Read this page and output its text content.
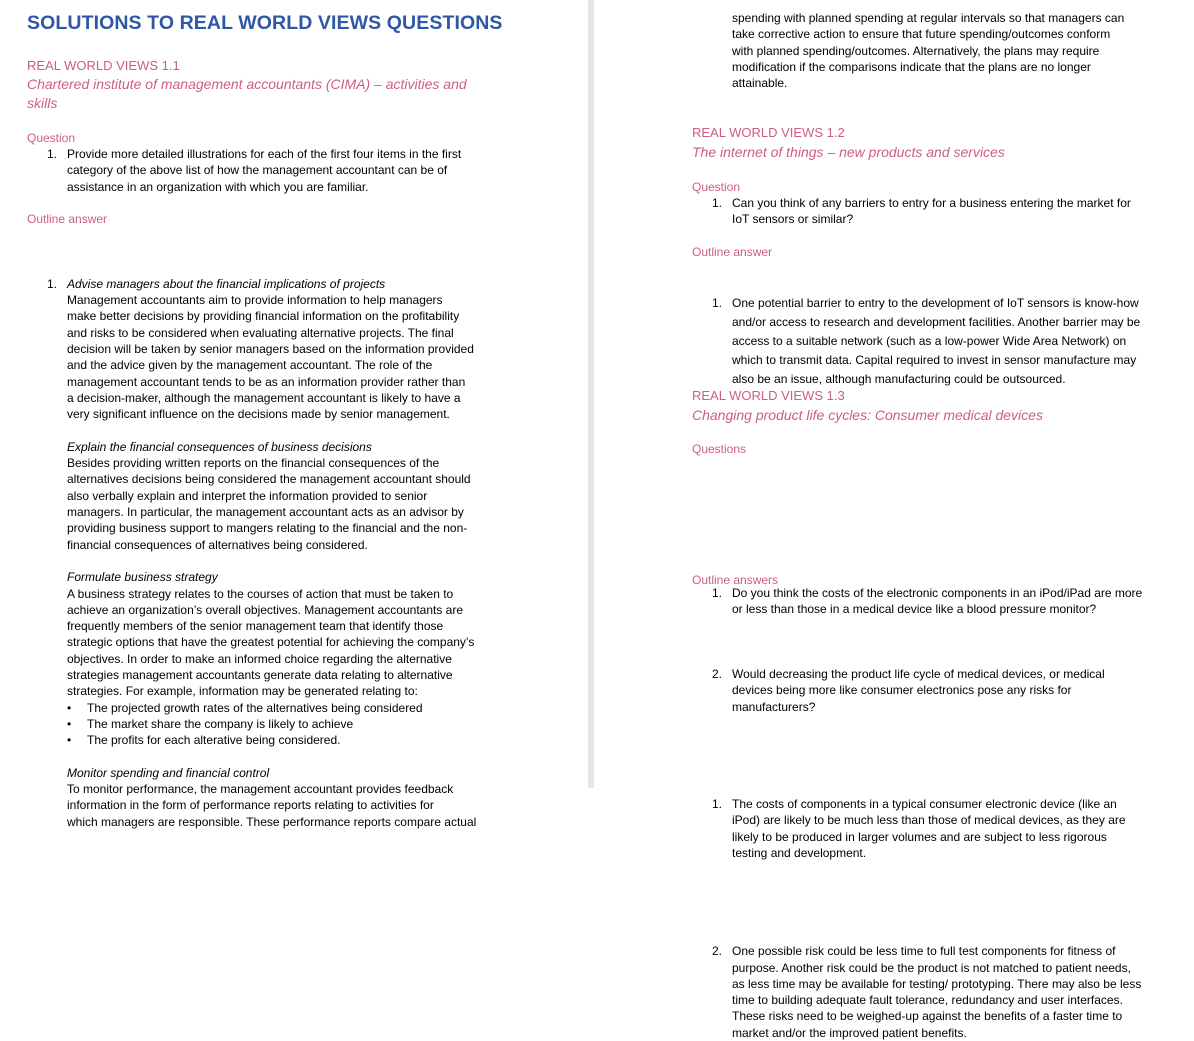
SOLUTIONS TO REAL WORLD VIEWS QUESTIONS
REAL WORLD VIEWS 1.1
Chartered institute of management accountants (CIMA) – activities and
skills
Question
1. Provide more detailed illustrations for each of the first four items in the first
category of the above list of how the management accountant can be of
assistance in an organization with which you are familiar.
Outline answer
1. Advise managers about the financial implications of projects
Management accountants aim to provide information to help managers
make better decisions by providing financial information on the profitability
and risks to be considered when evaluating alternative projects. The final
decision will be taken by senior managers based on the information provided
and the advice given by the management accountant. The role of the
management accountant tends to be as an information provider rather than
a decision-maker, although the management accountant is likely to have a
very significant influence on the decisions made by senior management.
Explain the financial consequences of business decisions
Besides providing written reports on the financial consequences of the
alternatives decisions being considered the management accountant should
also verbally explain and interpret the information provided to senior
managers. In particular, the management accountant acts as an advisor by
providing business support to mangers relating to the financial and the non-
financial consequences of alternatives being considered.
Formulate business strategy
A business strategy relates to the courses of action that must be taken to
achieve an organization’s overall objectives. Management accountants are
frequently members of the senior management team that identify those
strategic options that have the greatest potential for achieving the company’s
objectives. In order to make an informed choice regarding the alternative
strategies management accountants generate data relating to alternative
strategies. For example, information may be generated relating to:
• The projected growth rates of the alternatives being considered
• The market share the company is likely to achieve
• The profits for each alterative being considered.
Monitor spending and financial control
To monitor performance, the management accountant provides feedback
information in the form of performance reports relating to activities for
which managers are responsible. These performance reports compare actual
spending with planned spending at regular intervals so that managers can
take corrective action to ensure that future spending/outcomes conform
with planned spending/outcomes. Alternatively, the plans may require
modification if the comparisons indicate that the plans are no longer
attainable.
REAL WORLD VIEWS 1.2
The internet of things – new products and services
Question
1. Can you think of any barriers to entry for a business entering the market for
IoT sensors or similar?
Outline answer
1. One potential barrier to entry to the development of IoT sensors is know-how
and/or access to research and development facilities. Another barrier may be
access to a suitable network (such as a low-power Wide Area Network) on
which to transmit data. Capital required to invest in sensor manufacture may
also be an issue, although manufacturing could be outsourced.
REAL WORLD VIEWS 1.3
Changing product life cycles: Consumer medical devices
Questions
1. Do you think the costs of the electronic components in an iPod/iPad are more
or less than those in a medical device like a blood pressure monitor?
2. Would decreasing the product life cycle of medical devices, or medical
devices being more like consumer electronics pose any risks for
manufacturers?
Outline answers
1. The costs of components in a typical consumer electronic device (like an
iPod) are likely to be much less than those of medical devices, as they are
likely to be produced in larger volumes and are subject to less rigorous
testing and development.
2. One possible risk could be less time to full test components for fitness of
purpose. Another risk could be the product is not matched to patient needs,
as less time may be available for testing/ prototyping. There may also be less
time to building adequate fault tolerance, redundancy and user interfaces.
These risks need to be weighed-up against the benefits of a faster time to
market and/or the improved patient benefits.
